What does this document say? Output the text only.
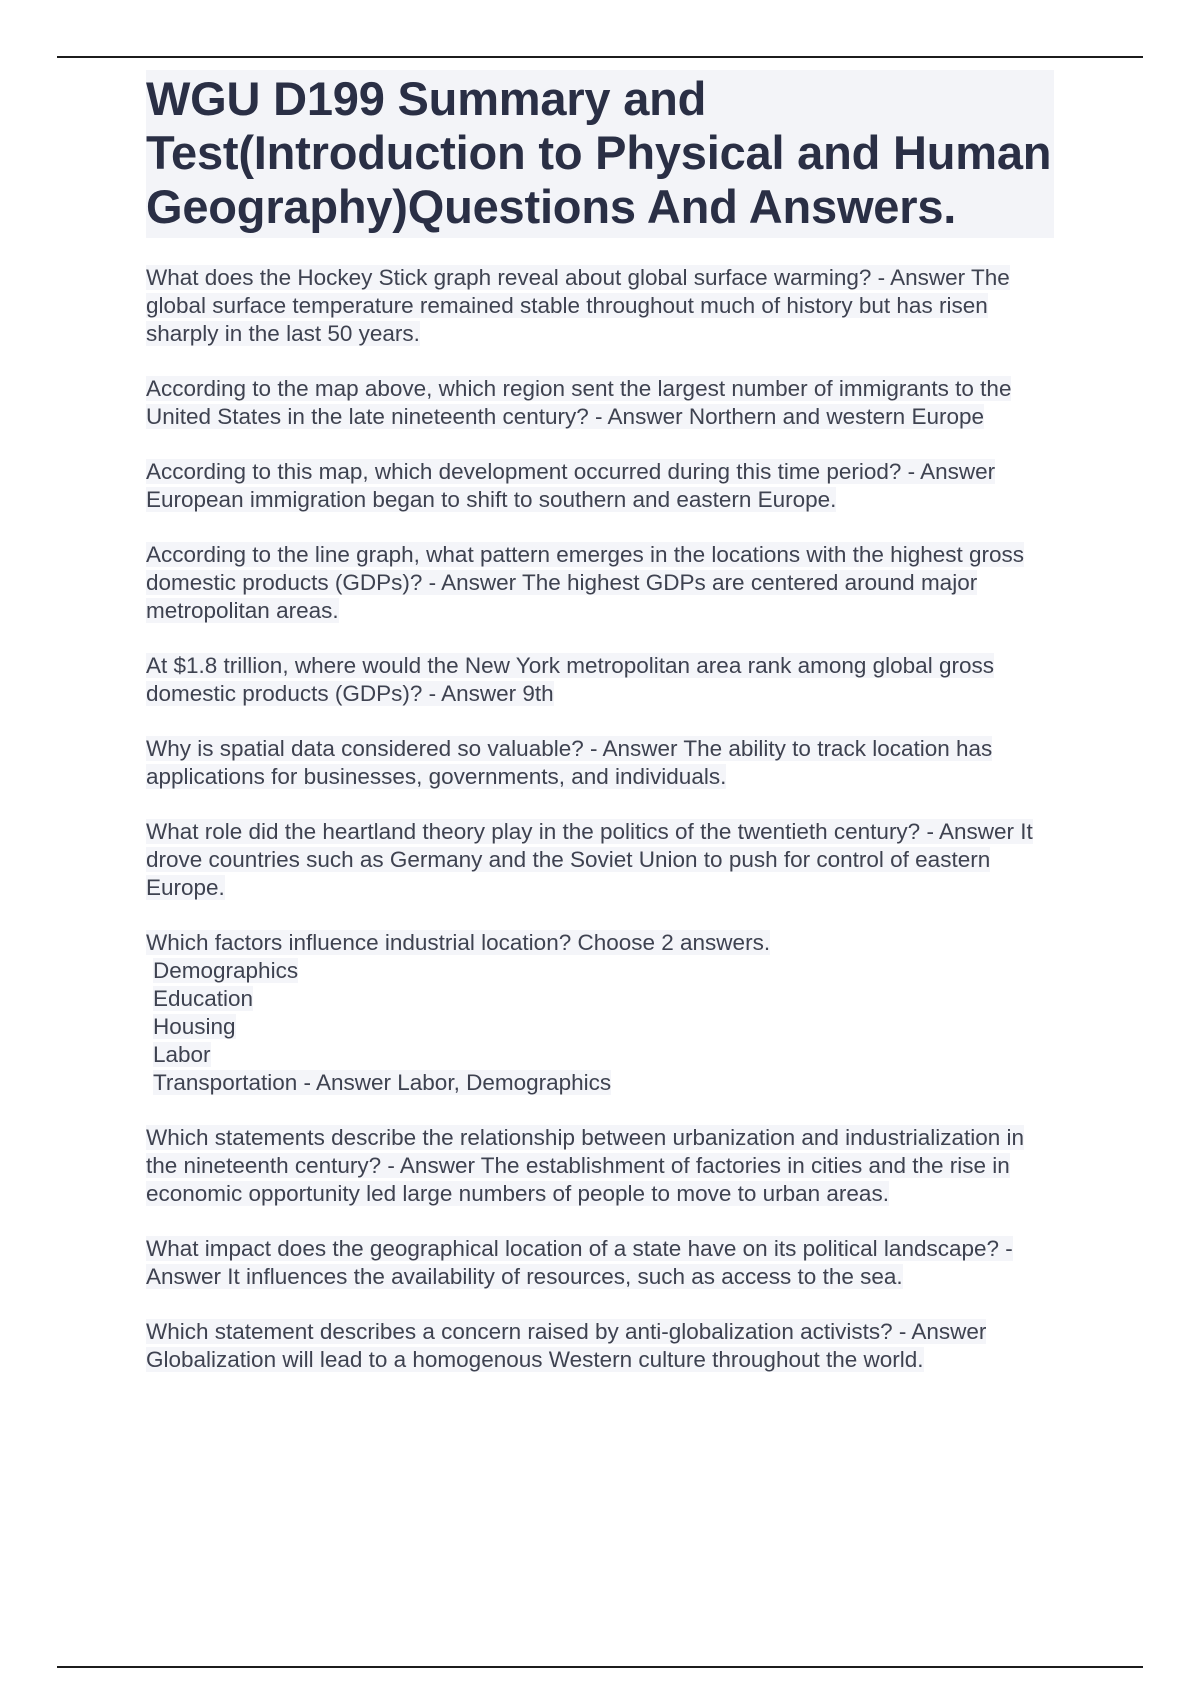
WGU D199 Summary and Test(Introduction to Physical and Human Geography)Questions And Answers.

What does the Hockey Stick graph reveal about global surface warming? - Answer The global surface temperature remained stable throughout much of history but has risen sharply in the last 50 years.

According to the map above, which region sent the largest number of immigrants to the United States in the late nineteenth century? - Answer Northern and western Europe

According to this map, which development occurred during this time period? - Answer European immigration began to shift to southern and eastern Europe.

According to the line graph, what pattern emerges in the locations with the highest gross domestic products (GDPs)? - Answer The highest GDPs are centered around major metropolitan areas.

At $1.8 trillion, where would the New York metropolitan area rank among global gross domestic products (GDPs)? - Answer 9th

Why is spatial data considered so valuable? - Answer The ability to track location has applications for businesses, governments, and individuals.

What role did the heartland theory play in the politics of the twentieth century? - Answer It drove countries such as Germany and the Soviet Union to push for control of eastern Europe.

Which factors influence industrial location? Choose 2 answers.
Demographics
Education
Housing
Labor
Transportation - Answer Labor, Demographics

Which statements describe the relationship between urbanization and industrialization in the nineteenth century? - Answer The establishment of factories in cities and the rise in economic opportunity led large numbers of people to move to urban areas.

What impact does the geographical location of a state have on its political landscape? - Answer It influences the availability of resources, such as access to the sea.

Which statement describes a concern raised by anti-globalization activists? - Answer Globalization will lead to a homogenous Western culture throughout the world.
